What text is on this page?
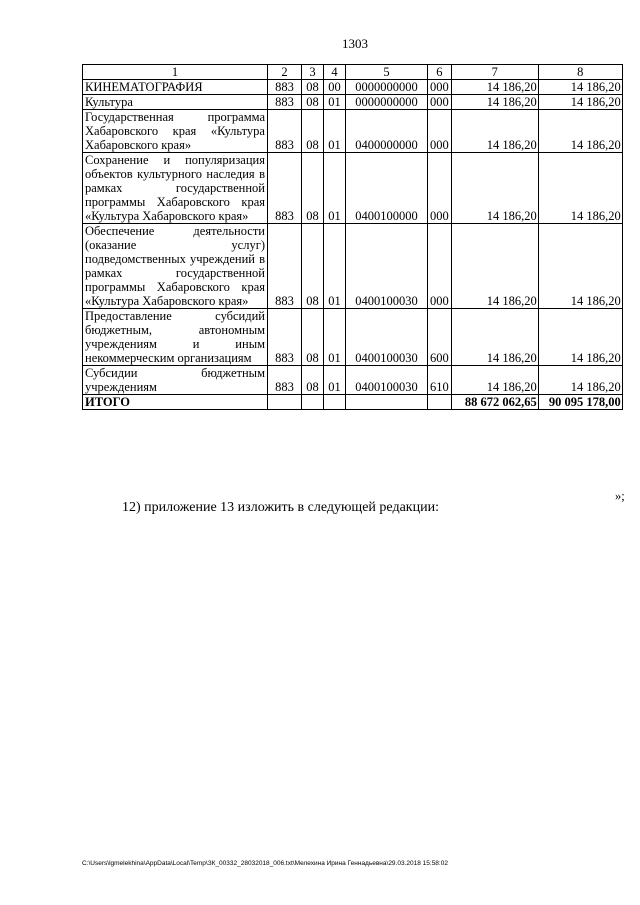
1303
1	2	3	4	5	6	7	8
КИНЕМАТОГРАФИЯ	883	08	00	0000000000	000	14 186,20	14 186,20
Культура	883	08	01	0000000000	000	14 186,20	14 186,20
Государственная программа Хабаровского края «Культура Хабаровского края»	883	08	01	0400000000	000	14 186,20	14 186,20
Сохранение и популяризация объектов культурного наследия в рамках государственной программы Хабаровского края «Культура Хабаровского края»	883	08	01	0400100000	000	14 186,20	14 186,20
Обеспечение деятельности (оказание услуг) подведомственных учреждений в рамках государственной программы Хабаровского края «Культура Хабаровского края»	883	08	01	0400100030	000	14 186,20	14 186,20
Предоставление субсидий бюджетным, автономным учреждениям и иным некоммерческим организациям	883	08	01	0400100030	600	14 186,20	14 186,20
Субсидии бюджетным учреждениям	883	08	01	0400100030	610	14 186,20	14 186,20
ИТОГО						88 672 062,65	90 095 178,00
»;
12) приложение 13 изложить в следующей редакции:
C:\Users\lgmelekhina\AppData\Local\Temp\ЗК_00332_28032018_006.txt\Мелехина Ирина Геннадьевна\29.03.2018 15:58:02
